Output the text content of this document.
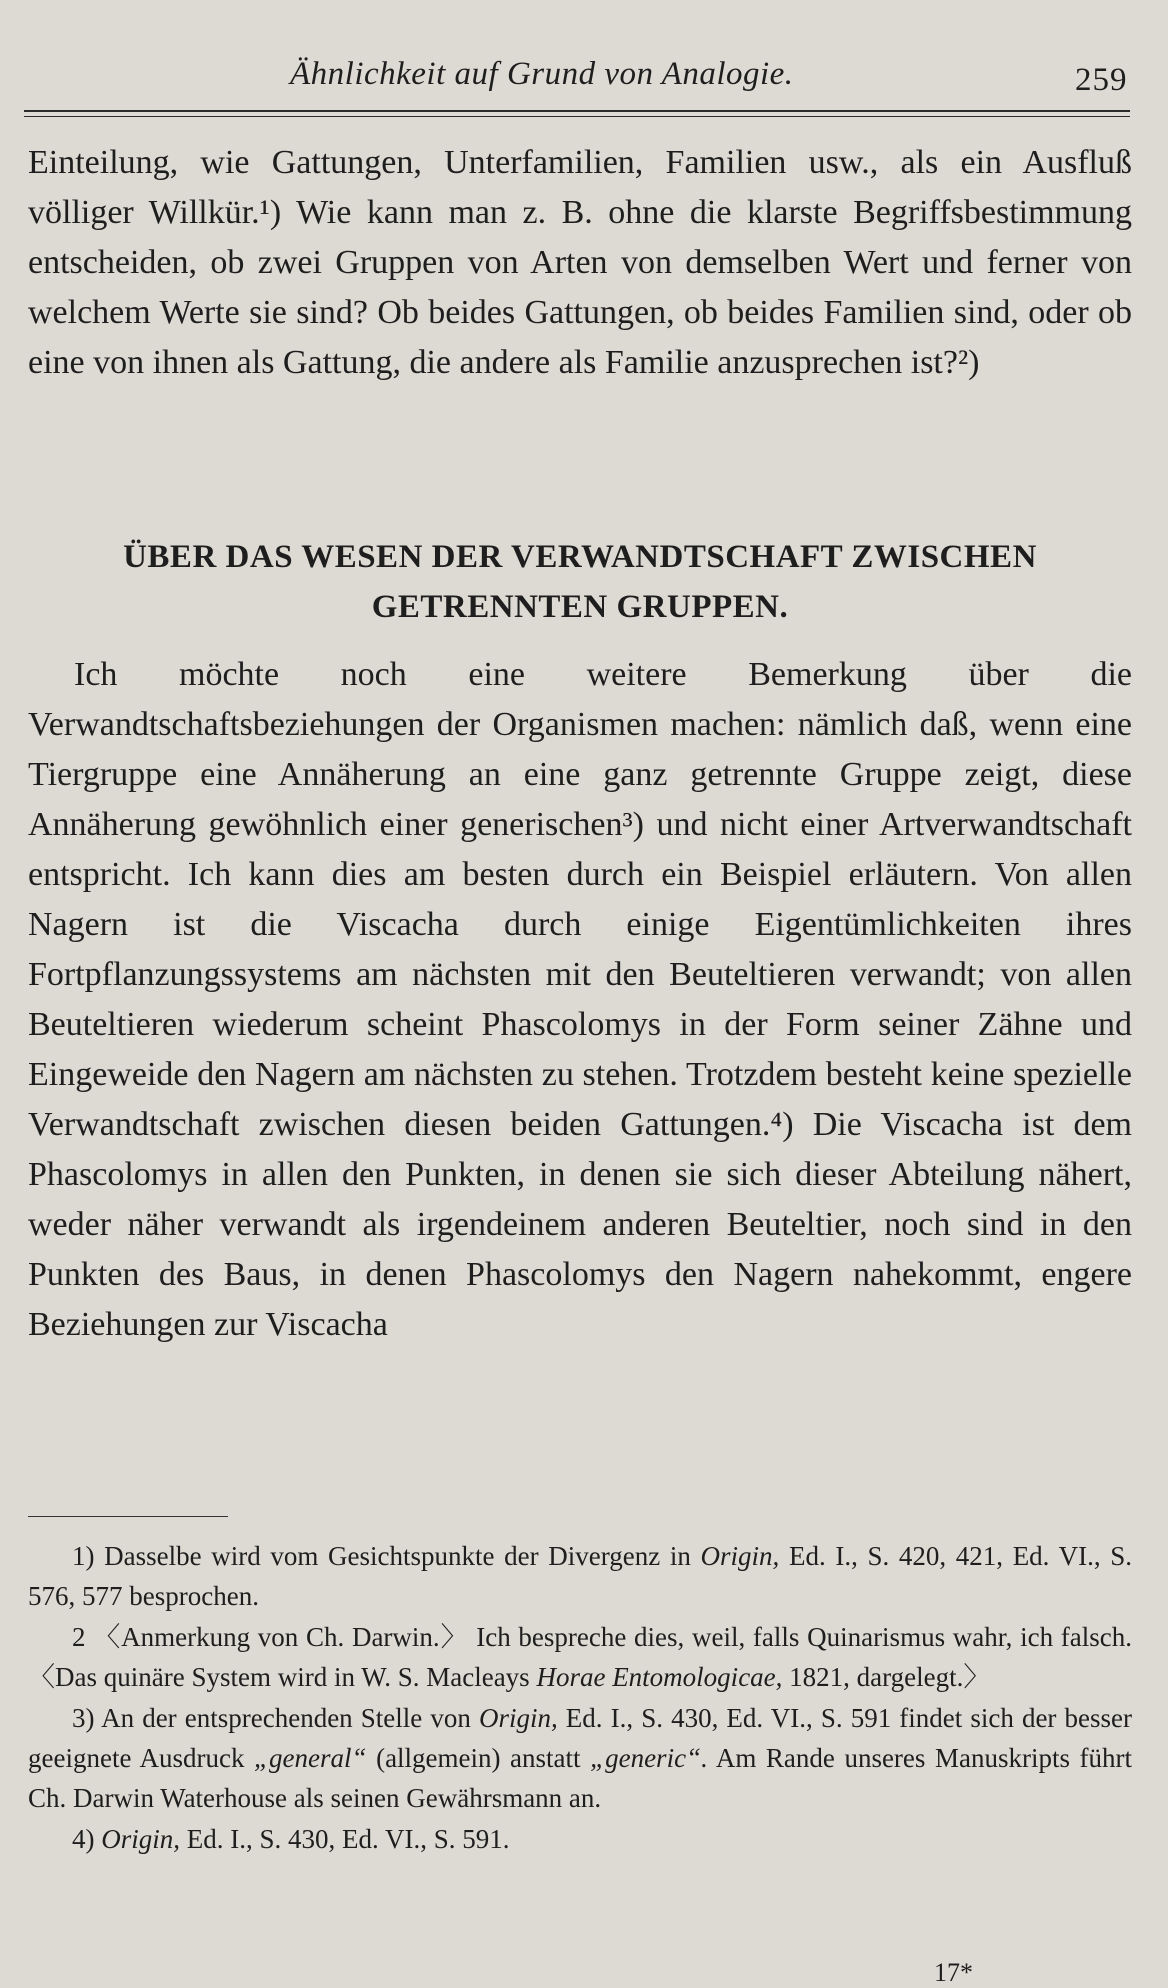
Ähnlichkeit auf Grund von Analogie.	259

Einteilung, wie Gattungen, Unterfamilien, Familien usw., als ein Ausfluß völliger Willkür.¹) Wie kann man z. B. ohne die klarste Begriffsbestimmung entscheiden, ob zwei Gruppen von Arten von demselben Wert und ferner von welchem Werte sie sind? Ob beides Gattungen, ob beides Familien sind, oder ob eine von ihnen als Gattung, die andere als Familie anzusprechen ist?²)

ÜBER DAS WESEN DER VERWANDTSCHAFT ZWISCHEN GETRENNTEN GRUPPEN.

Ich möchte noch eine weitere Bemerkung über die Verwandtschaftsbeziehungen der Organismen machen: nämlich daß, wenn eine Tiergruppe eine Annäherung an eine ganz getrennte Gruppe zeigt, diese Annäherung gewöhnlich einer generischen³) und nicht einer Artverwandtschaft entspricht. Ich kann dies am besten durch ein Beispiel erläutern. Von allen Nagern ist die Viscacha durch einige Eigentümlichkeiten ihres Fortpflanzungssystems am nächsten mit den Beuteltieren verwandt; von allen Beuteltieren wiederum scheint Phascolomys in der Form seiner Zähne und Eingeweide den Nagern am nächsten zu stehen. Trotzdem besteht keine spezielle Verwandtschaft zwischen diesen beiden Gattungen.⁴) Die Viscacha ist dem Phascolomys in allen den Punkten, in denen sie sich dieser Abteilung nähert, weder näher verwandt als irgendeinem anderen Beuteltier, noch sind in den Punkten des Baus, in denen Phascolomys den Nagern nahekommt, engere Beziehungen zur Viscacha

1) Dasselbe wird vom Gesichtspunkte der Divergenz in Origin, Ed. I., S. 420, 421, Ed. VI., S. 576, 577 besprochen.

2 〈Anmerkung von Ch. Darwin.〉 Ich bespreche dies, weil, falls Quinarismus wahr, ich falsch. 〈Das quinäre System wird in W. S. Macleays Horae Entomologicae, 1821, dargelegt.〉

3) An der entsprechenden Stelle von Origin, Ed. I., S. 430, Ed. VI., S. 591 findet sich der besser geeignete Ausdruck „general“ (allgemein) anstatt „generic“. Am Rande unseres Manuskripts führt Ch. Darwin Waterhouse als seinen Gewährsmann an.

4) Origin, Ed. I., S. 430, Ed. VI., S. 591.

17*
